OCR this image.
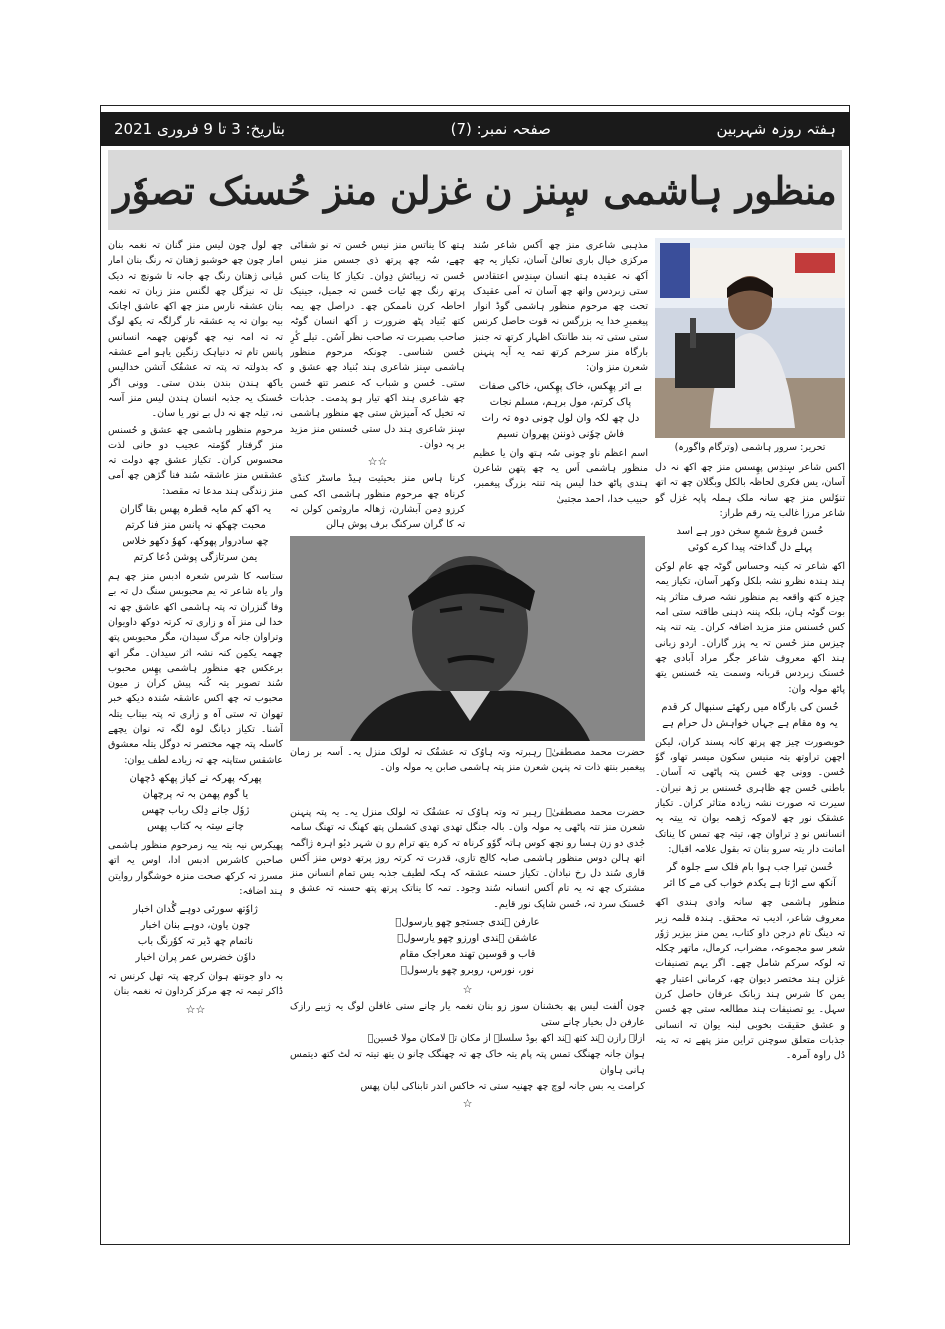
بتاریخ: 3 تا 9 فروری 2021	صفحہ نمبر: (7)	ہفتہ روزہ شہربین
منظور ہاشمی سٕنز ن غزلن منز حُسنک تصوٗر
تحریر: سرور ہاشمی (وترگام واگورہ)

اکس شاعر سٕندِس پھِسس منز چھ اکھ نہ دل آسان، یس فکری لحاظہ بالکل وبگلان چھ تہ اتھ تنوٗلس منز چھ سانہ ملک ہملہ پاپہ غزل گو شاعر مرزا غالب یتہ رقم طراز:

حُسن فروغ شمعِ سخن دور ہے اسد
پہلے دل گداختہ پیدا کرے کوئی

اکھ شاعر تہ کینہ وحساس گوٹہ چھ عام لوکن ہند ہندہ نظرو نشہ بلکل وکھر آسان، تکیاز یمہ چیزہ کتھ واقعہ یم منظور نشہ صرف متاثر پتہ بوت گوٹہ ہان، بلکہ پننہ ذہنی طاقتہ ستی امہ کس حُسنس منز مزید اضافہ کران۔ یتہ تنہ پتہ چیزس منز حُسن تہ یہ پزر گاران۔ اردو زبانی ہند اکھ معروف شاعر جگر مراد آبادی چھ حُسنک زبردس قربانہ وسمت یتہ حُسنس یتھ پاٹھ مولہ وان:

حُسن کی بارگاہ میں رکھئے سنبھال کر قدم
یہ وہ مقام ہے جہاں خواہش دل حرام ہے

خوبصورت چیز چھ پرتھ کانہ پسند کران، لیکن اچھن تراوتھ یتہ منیس سکون میسر تھاو، گوٗ حُسن۔ وونی چھ حُسن پتہ پاٹھی تہ آسان۔ باطنی حُسن چھ ظاہری حُسنس بر ژھ نبران۔ سیرت تہ صورت نشہ زیادہ متاثر کران۔ تکیاز عشقک نور چھ لاموکہ ژھمہ بوان تہ ییتہ یہ انسانس نو دِ تراوان چھ، تیتہ چھ تمس کا یناتک امانت دار یتہ سرو بنان تہ بقول علامہ اقبال:

حُسن تیرا جب ہوا بام فلک سے جلوہ گر
آنکھ سے اڑتا ہے یکدم خواب کی مے کا اثر

منظور ہاشمی چھ سانہ وادی ہندی اکھ معروف شاعر، ادیب تہ محقق۔ ہندہ قلمہ زیر تہ دینگ تام درجن داو کتاب، یمن منز بیزیر ژوٗر شعر سو مجموعہ، مضراب، کرمال، ماتھر چکلہ تہ لوکہ سرکم شامل چھے۔ اگر یہم تصنیفات غزلن ہند مختصر دیوان چھ، کرمانی اعتبار چھ یمن کا شرس ہند زبانک عرفان حاصل کرن سہل۔ یو تصنیفات ہند مطالعہ ستی چھ حُسن و عشق حقیقت بخوبی لبنہ یوان تہ انسانی جذبات متعلق سوچنن تراین منز پتھے تہ تہ یتہ دُل راوہ آمرہ۔

مذہبی شاعری منز چھ اَکس شاعر سُند مرکزی خیال باری تعالیٰ آسان، تکیاز یہ چھ اَکھ نہ عقیدہ ہتھ انسان سٕندِس اعتقادس ستی زبردس واتھ چھ آسان تہ اَمی عقیدک تحت چھ مرحوم منظور ہاشمی گوڈ انوار پیغمبرِ خدا یہ بزرگس نہ قوت حاصل کرنس ستی ستی تہ بند طانتک اظہار کرتھ تہ جنبز بارگاہ منز سرخم کرتھ تمہ یہ آیہ پنہنن شعرن منز وان:

بے اثر پھِکس، خاک پھِکس، خاکی صفات
پاک کرتم، مول برہم، مسلم نجات
دل چھ لکہ وان لول چونی دوہ تہ رات
فاش چوٗنی ذوننن پھروان نسیم

اسم اعظم ناو چونی سُہ ہتھ وان یا عظیم منظور ہاشمی اَس یہ چھ پتھن شاعرن ہندی پاٹھ خدا لیس پتہ تنتہ بزرگ پیغمبر، حبیب خدا، احمد مجتبیٰ

ہتھ کا یناتس منز نیس حُسن تہ نو شفائی چھے، سُہ چھ پرتھ ذی جسس منز نیس حُسن تہ زیبائش دِوان۔ تکیاز کا ینات کس پرتھ رنگ چھ ئیات حُسن تہ جمیل، جینیک احاطہ کرن ناممکن چھ۔ دراصل چھ یمہ کتھ بُنیاد پٹھ ضرورت ز اَکھ انسان گوٹہ صاحب بصیرت تہ صاحب نظر آسُن۔ تیلے کٔرِ حُسن شناسی۔ چونکہ مرحوم منظور ہاشمی سٕنز شاعری ہند بُنیاد چھ عشق و ستی۔ حُسن و شباب کہ عنصر تتھ حُسن چھ شاعری ہند اکھ تیار ہو پدمت۔ جذبات تہ تخیل کہ آمیزش ستی چھ منظور ہاشمی سٕنز شاعری ہند دل ستی حُسنس منز مزید بر پہ دوان۔

☆☆

کرنا ہاس منز بحیثیت ہیڈ ماسٹر کنڈی کرناہ چھ مرحوم منظور ہاشمی اکہ کمی کرزو دِمن آبشارن، ژھالہ ماروثمن کولن تہ تہ کا گران سرکنگ برف پوش ہالن

حضرت محمد مصطفیٰؐ رہبرتہ وتہ ہاوُک تہ عشقُک تہ لولک منزل یہ۔ اَسہ بر زمان پیغمبر بنتھ ذات تہ پنہن شعرن منز پتہ ہاشمی صابن یہ مولہ وان۔

حضرت محمد مصطفیٰؐ رہبر تہ وتہ ہاوُک تہ عشقُک تہ لولک منزل یہ۔ یہ پتہ پنہنن شعرن منز تتہ پاٹھی یہ مولہ وان۔ بالہ جنگل تھدی تھدی کشملن پتھ کھنگ تہ تھنگ سامہ جُدی دو زن ہسا رو نچھ کوس ہاتہ گوٗو کرناہ تہ کرہ یتھ ترام رو ن شہر دیٔو اہرہ ژاگمہ اتھ ہالن دوس منظور ہاشمی صابہ کالج تازی، قدرت تہ کرتہ روز پرتھ دوس منز اَکس قاری سُند دل رخ نبادان۔ تکیاز حسنہ عشقہ کہ ہکہ لطیف جذبہ یس تمام انسانن منز مشترک چھ تہ یہ تام اَکس انسانہ سُند وجود۔ تمہ کا یناتک پرتھ پتھ حسنہ تہ عشق و حُسنک سرد تہ، حُسن شاپک نور قایم۔

عارفن ہندی جستجو چھو یارسولؐ
عاشقن ہندی اورزو چھو یارسولؐ
قاب و قوسین تھند معراجک مقام
نور، نورس، روبرو چھو یارسولؐ
☆

چون اُلفت لیس پھ بخشنان سوز زو بنان نغمہ یار چانے ستی غافلن لوگ یہ ژیبے رازک عارفن دل بخیار چانے ستی

ازلہ رازن ہند کتھ ہند اکھ بوڈ سلسلہ از مکان تہ لامکان مولا حُسینؑ

ہوان جانہ چھنگک تمس پتہ پام یتہ خاک چھ تہ چھنگک چانو ن یتھ تیتہ تہ لٹ کتھ دیتمس ہانی ہاوان

کرامت یہ بس جانہ لوچ چھ چھنیہ ستی تہ خاکس اندر تابناکی لبان پھس

☆

چھ لول چون لیس منز گنان تہ نغمہ بنان امار چون چھ خوشبو ژھتان تہ رنگ بنان امار مٔیانی ژھتان رنگ چھ جانہ تا شونچ تہ دیک تل تہ نیزگل چھ لگنس منز زبان تہ نغمہ بنان عشقہ نارس منز چھ اکھ عاشق اچانک بیہ بوان تہ یہ عشقہ نار گرلگہ تہ یکھ لوگ تہ تہ امہ نیہ چھ گونھن چھمہ انسانس پانس تام تہ دنیاہک زنگین یاہو امے عشقہ کہ بدولتہ تہ پتہ تہ عشقُک آتشن خدالیس یاکھ ہندن بندن بندن ستی۔ وونی اگر حُسنک یہ جذبہ انسان ہندن لیس منز آسہ نہ، تیلہ چھ نہ دل بے نور یا سان۔

مرحوم منظور ہاشمی چھ عشق و حُسنس منز گرفتار گوٗمتہ عجیب دو حانی لذت محسوس کران۔ تکیاز عشق چھ دولت تہ عشقس منز عاشقہ سُند فنا گژھن چھ اَمی منز زندگی ہند مدعا تہ مقصد:

یہ اکھ کم مایہ قطرہ پھس بقا گاران
محبت چھکھ نہ پانس منز فنا کرتم
چھ سادروار پھوکھ، کھوٗ دکھو خلاس
یمن سرتازگی پوشن دُعا کرتم

ستاسہ کا شرس شعرہ ادبس منز چھ ہم وار یاہ شاعر تہ یم محبوبس سنگ دل تہ بے وفا گنزران تہ پتہ ہاشمی اکھ عاشق چھ تہ خدا لی منز آہ و زاری تہ کرتہ دوکھ داویوان وتراوان جانہ مرگ سیدان، مگر محبوبس پتھ چھمہ یکمِن کنہ نشہ اثر سیدان۔ مگر اتھ برعکس چھ منظور ہاشمی پھِس محبوب سُند تصویر یتہ کُنہ پیش کران ز میون محبوب تہ چھ اکس عاشقہ سُندہ دیکھ خبر تھوان تہ ستی آہ و زاری تہ پتہ بیتاب یتلہ آشنا۔ تکیاز دیانگ لوہ لگہ تہ نوان یچھے کاسلہ پتہ چھہ مختصر تہ دوگل یتلہ معشوق عاشقس ستاپنہ چھ تہ زیادے لطف یوان:

پھرکہ پھرکہ نے کیاز پھکھ ڈچھان
یا گوم پھمن بہ تہ پرچھان
ژوٗل جانے دِلک رباب چھس
چانے سِتہ بہ کتاب پھس

پھیکرس نیہ یتہ ییہ زمرحوم منظور ہاشمی صاحبن کاشرس ادبس ادا، اوس یہ اتھ مسرز تہ کرکھ صحت منزہ خوشگوار روایتن ہند اضافہ:

ژاوٗتھ سورئی دوہے گُدان اخبار
چون یاون، دوہے بنان اخبار
ناتمام چھ ڈیر تہ کوٗرنگ باب
داوٗن خضرس عمر پران اخبار

بہ داو جونتھ ہوان کرچھ پتہ تھل کرنس تہ ڈاکر تیمہ تہ چھ مرکز کرداون تہ نغمہ بنان

☆☆
